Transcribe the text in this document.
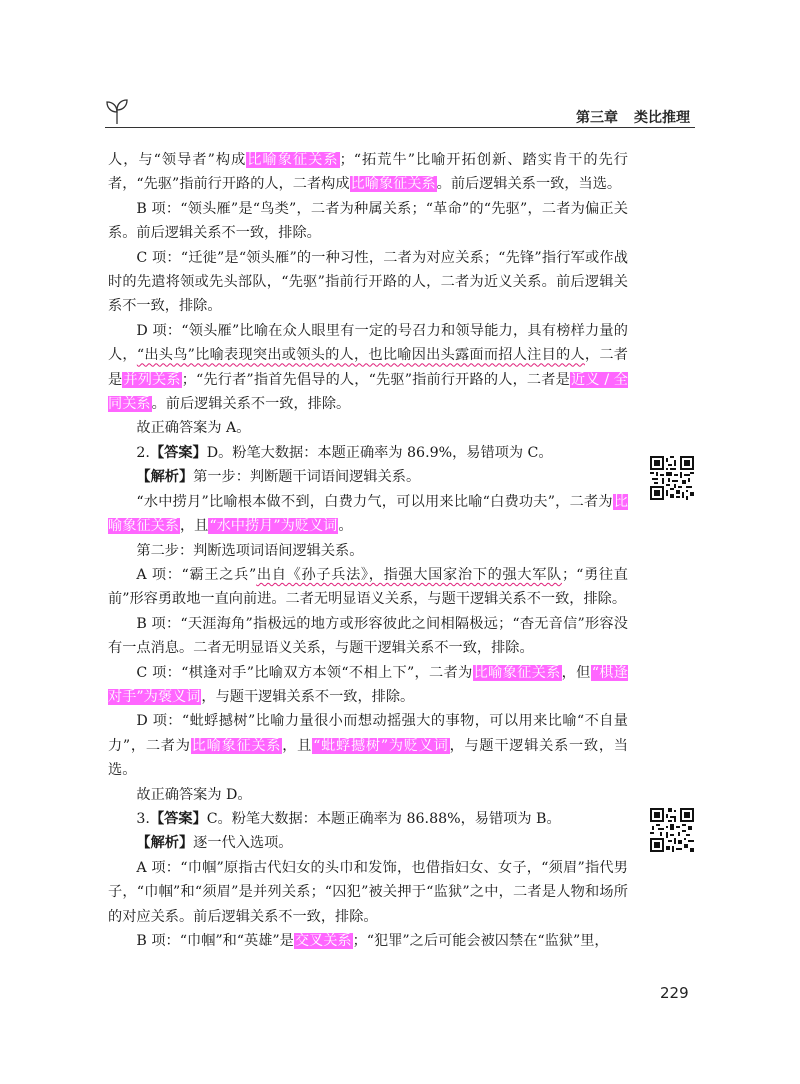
第三章 类比推理

人，与“领导者”构成比喻象征关系；“拓荒牛”比喻开拓创新、踏实肯干的先行者，“先驱”指前行开路的人，二者构成比喻象征关系。前后逻辑关系一致，当选。

B 项：“领头雁”是“鸟类”，二者为种属关系；“革命”的“先驱”，二者为偏正关系。前后逻辑关系不一致，排除。

C 项：“迁徙”是“领头雁”的一种习性，二者为对应关系；“先锋”指行军或作战时的先遣将领或先头部队，“先驱”指前行开路的人，二者为近义关系。前后逻辑关系不一致，排除。

D 项：“领头雁”比喻在众人眼里有一定的号召力和领导能力，具有榜样力量的人，“出头鸟”比喻表现突出或领头的人，也比喻因出头露面而招人注目的人，二者是并列关系；“先行者”指首先倡导的人，“先驱”指前行开路的人，二者是近义 / 全同关系。前后逻辑关系不一致，排除。

故正确答案为 A。

2.【答案】D。粉笔大数据：本题正确率为 86.9%，易错项为 C。

【解析】第一步：判断题干词语间逻辑关系。

“水中捞月”比喻根本做不到，白费力气，可以用来比喻“白费功夫”，二者为比喻象征关系，且“水中捞月”为贬义词。

第二步：判断选项词语间逻辑关系。

A 项：“霸王之兵”出自《孙子兵法》，指强大国家治下的强大军队；“勇往直前”形容勇敢地一直向前进。二者无明显语义关系，与题干逻辑关系不一致，排除。

B 项：“天涯海角”指极远的地方或形容彼此之间相隔极远；“杳无音信”形容没有一点消息。二者无明显语义关系，与题干逻辑关系不一致，排除。

C 项：“棋逢对手”比喻双方本领“不相上下”，二者为比喻象征关系，但“棋逢对手”为褒义词，与题干逻辑关系不一致，排除。

D 项：“蚍蜉撼树”比喻力量很小而想动摇强大的事物，可以用来比喻“不自量力”，二者为比喻象征关系，且“蚍蜉撼树”为贬义词，与题干逻辑关系一致，当选。

故正确答案为 D。

3.【答案】C。粉笔大数据：本题正确率为 86.88%，易错项为 B。

【解析】逐一代入选项。

A 项：“巾帼”原指古代妇女的头巾和发饰，也借指妇女、女子，“须眉”指代男子，“巾帼”和“须眉”是并列关系；“囚犯”被关押于“监狱”之中，二者是人物和场所的对应关系。前后逻辑关系不一致，排除。

B 项：“巾帼”和“英雄”是交叉关系；“犯罪”之后可能会被囚禁在“监狱”里，

229
